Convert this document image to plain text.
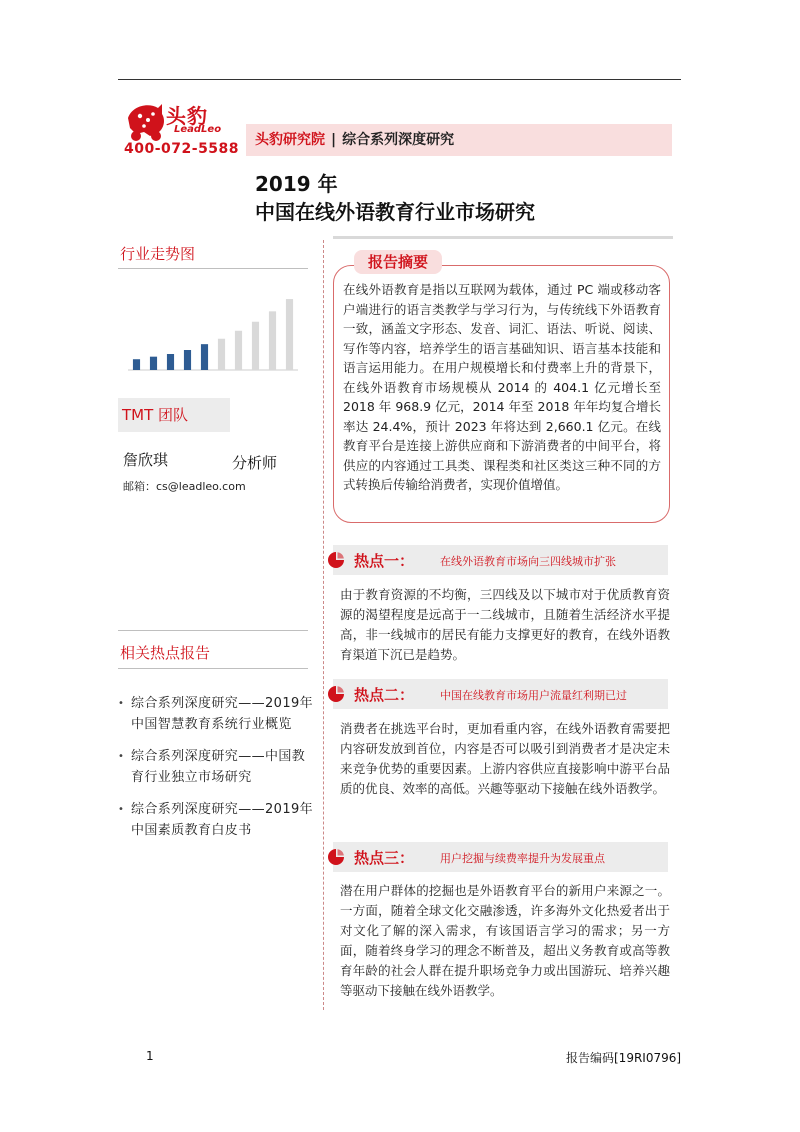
头豹
LeadLeo
400-072-5588
头豹研究院 | 综合系列深度研究
2019 年
中国在线外语教育行业市场研究
行业走势图
TMT 团队
詹欣琪	分析师
邮箱：cs@leadleo.com
相关热点报告
• 综合系列深度研究——2019年中国智慧教育系统行业概览
• 综合系列深度研究——中国教育行业独立市场研究
• 综合系列深度研究——2019年中国素质教育白皮书
报告摘要
在线外语教育是指以互联网为载体，通过 PC 端或移动客户端进行的语言类教学与学习行为，与传统线下外语教育一致，涵盖文字形态、发音、词汇、语法、听说、阅读、写作等内容，培养学生的语言基础知识、语言基本技能和语言运用能力。在用户规模增长和付费率上升的背景下，在线外语教育市场规模从 2014 的 404.1 亿元增长至 2018 年 968.9 亿元，2014 年至 2018 年年均复合增长率达 24.4%，预计 2023 年将达到 2,660.1 亿元。在线教育平台是连接上游供应商和下游消费者的中间平台，将供应的内容通过工具类、课程类和社区类这三种不同的方式转换后传输给消费者，实现价值增值。
热点一： 在线外语教育市场向三四线城市扩张
由于教育资源的不均衡，三四线及以下城市对于优质教育资源的渴望程度是远高于一二线城市，且随着生活经济水平提高，非一线城市的居民有能力支撑更好的教育，在线外语教育渠道下沉已是趋势。
热点二： 中国在线教育市场用户流量红利期已过
消费者在挑选平台时，更加看重内容，在线外语教育需要把内容研发放到首位，内容是否可以吸引到消费者才是决定未来竞争优势的重要因素。上游内容供应直接影响中游平台品质的优良、效率的高低。兴趣等驱动下接触在线外语教学。
热点三： 用户挖掘与续费率提升为发展重点
潜在用户群体的挖掘也是外语教育平台的新用户来源之一。一方面，随着全球文化交融渗透，许多海外文化热爱者出于对文化了解的深入需求，有该国语言学习的需求；另一方面，随着终身学习的理念不断普及，超出义务教育或高等教育年龄的社会人群在提升职场竞争力或出国游玩、培养兴趣等驱动下接触在线外语教学。
1	报告编码[19RI0796]
